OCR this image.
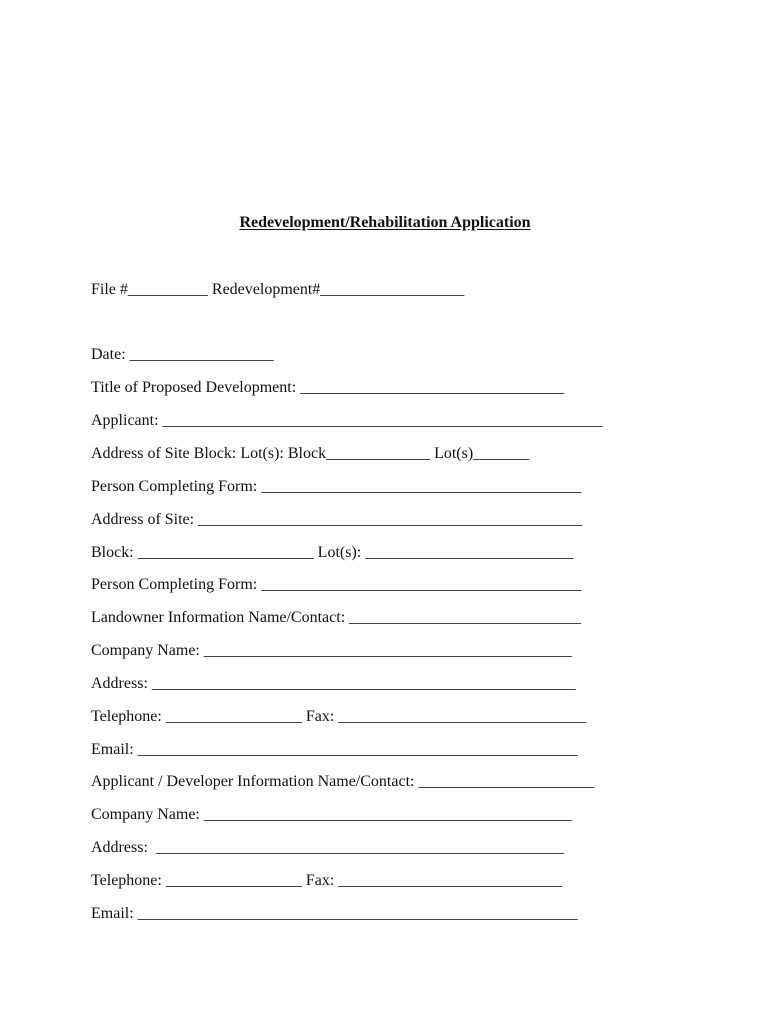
Redevelopment/Rehabilitation Application
File #__________ Redevelopment#__________________
Date: __________________
Title of Proposed Development: _________________________________
Applicant: _______________________________________________________
Address of Site Block: Lot(s): Block_____________ Lot(s)_______
Person Completing Form: ________________________________________
Address of Site: ________________________________________________
Block: ______________________ Lot(s): __________________________
Person Completing Form: ________________________________________
Landowner Information Name/Contact: _____________________________
Company Name: ______________________________________________
Address: _____________________________________________________
Telephone: _________________ Fax: _______________________________
Email: _______________________________________________________
Applicant / Developer Information Name/Contact: ______________________
Company Name: ______________________________________________
Address:  ___________________________________________________
Telephone: _________________ Fax: ____________________________
Email: _______________________________________________________
